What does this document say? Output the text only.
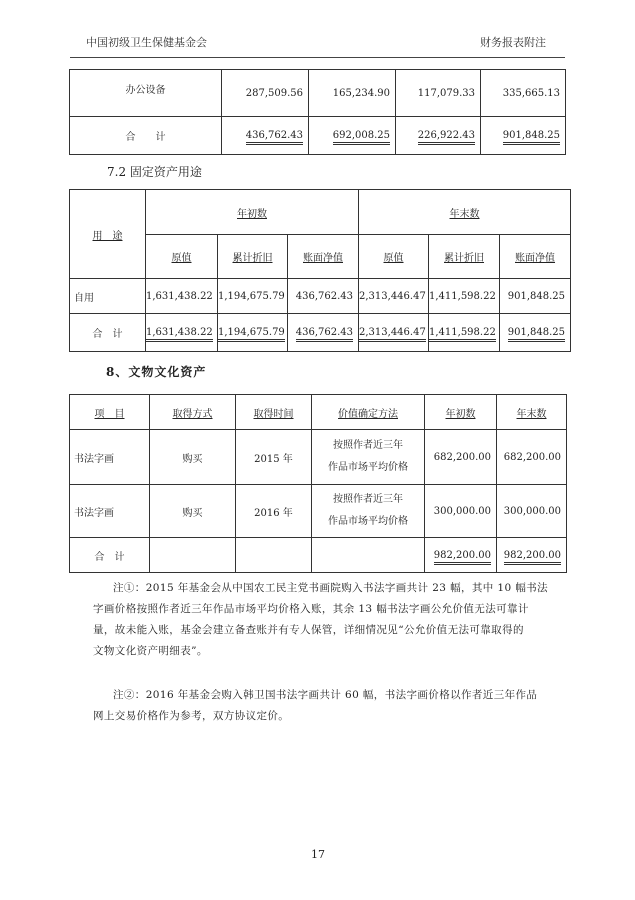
中国初级卫生保健基金会	财务报表附注
办公设备	287,509.56	165,234.90	117,079.33	335,665.13
合　　计	436,762.43	692,008.25	226,922.43	901,848.25
7.2 固定资产用途
用　途	年初数			年末数		
	原值	累计折旧	账面净值	原值	累计折旧	账面净值
自用	1,631,438.22	1,194,675.79	436,762.43	2,313,446.47	1,411,598.22	901,848.25
合　计	1,631,438.22	1,194,675.79	436,762.43	2,313,446.47	1,411,598.22	901,848.25
8、文物文化资产
项　目	取得方式	取得时间	价值确定方法	年初数	年末数
书法字画	购买	2015 年	按照作者近三年
作品市场平均价格	682,200.00	682,200.00
书法字画	购买	2016 年	按照作者近三年
作品市场平均价格	300,000.00	300,000.00
合　计				982,200.00	982,200.00
注①：2015 年基金会从中国农工民主党书画院购入书法字画共计 23 幅，其中 10 幅书法
字画价格按照作者近三年作品市场平均价格入账，其余 13 幅书法字画公允价值无法可靠计
量，故未能入账，基金会建立备查账并有专人保管，详细情况见“公允价值无法可靠取得的
文物文化资产明细表”。
注②：2016 年基金会购入韩卫国书法字画共计 60 幅，书法字画价格以作者近三年作品
网上交易价格作为参考，双方协议定价。
17
